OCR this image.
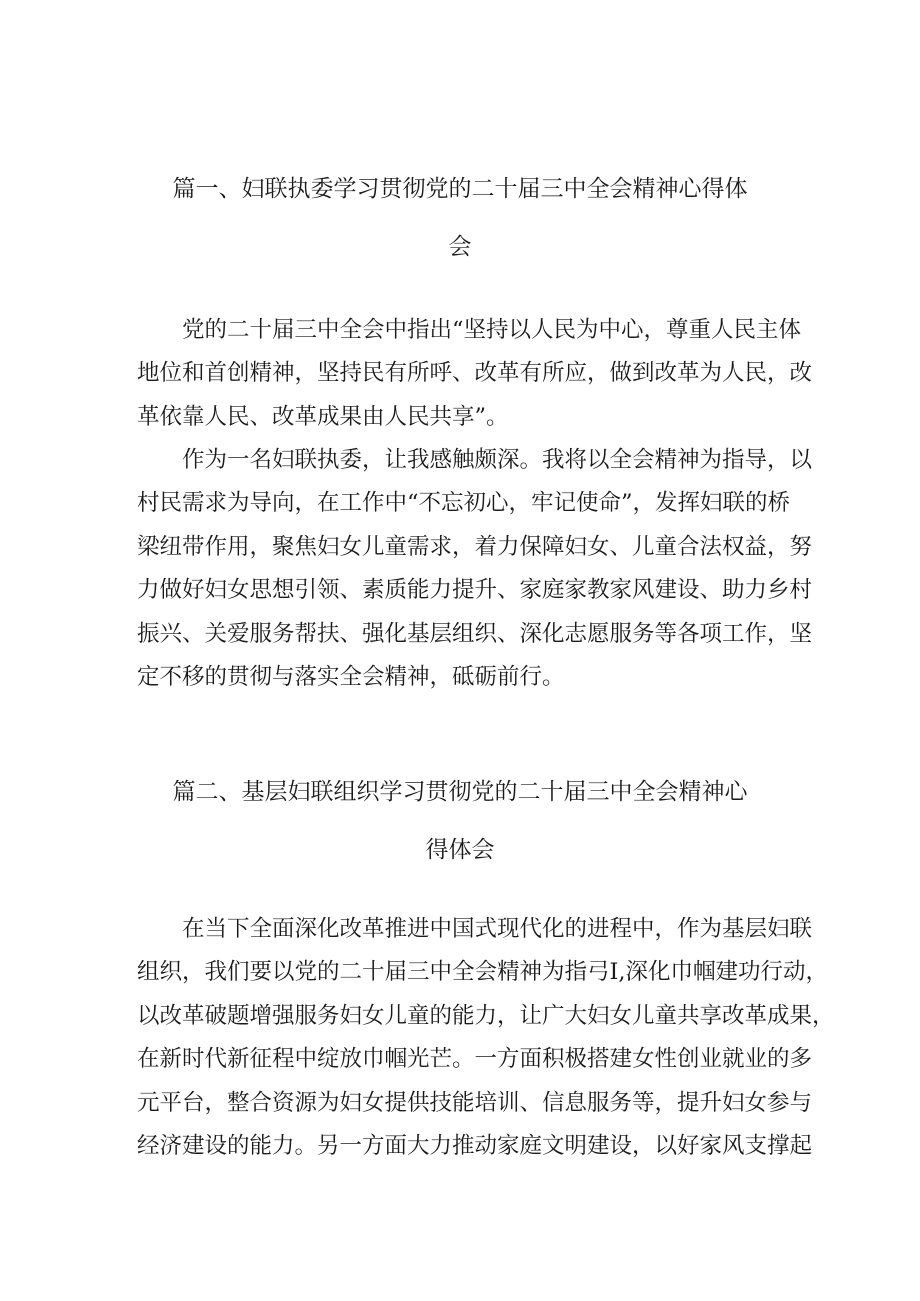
篇一、妇联执委学习贯彻党的二十届三中全会精神心得体
会

党的二十届三中全会中指出“坚持以人民为中心，尊重人民主体
地位和首创精神，坚持民有所呼、改革有所应，做到改革为人民，改
革依靠人民、改革成果由人民共享”。

作为一名妇联执委，让我感触颇深。我将以全会精神为指导，以
村民需求为导向，在工作中“不忘初心，牢记使命”，发挥妇联的桥
梁纽带作用，聚焦妇女儿童需求，着力保障妇女、儿童合法权益，努
力做好妇女思想引领、素质能力提升、家庭家教家风建设、助力乡村
振兴、关爱服务帮扶、强化基层组织、深化志愿服务等各项工作，坚
定不移的贯彻与落实全会精神，砥砺前行。

篇二、基层妇联组织学习贯彻党的二十届三中全会精神心
得体会

在当下全面深化改革推进中国式现代化的进程中，作为基层妇联
组织，我们要以党的二十届三中全会精神为指弓I,深化巾帼建功行动，
以改革破题增强服务妇女儿童的能力，让广大妇女儿童共享改革成果，
在新时代新征程中绽放巾帼光芒。一方面积极搭建女性创业就业的多
元平台，整合资源为妇女提供技能培训、信息服务等，提升妇女参与
经济建设的能力。另一方面大力推动家庭文明建设，以好家风支撑起
